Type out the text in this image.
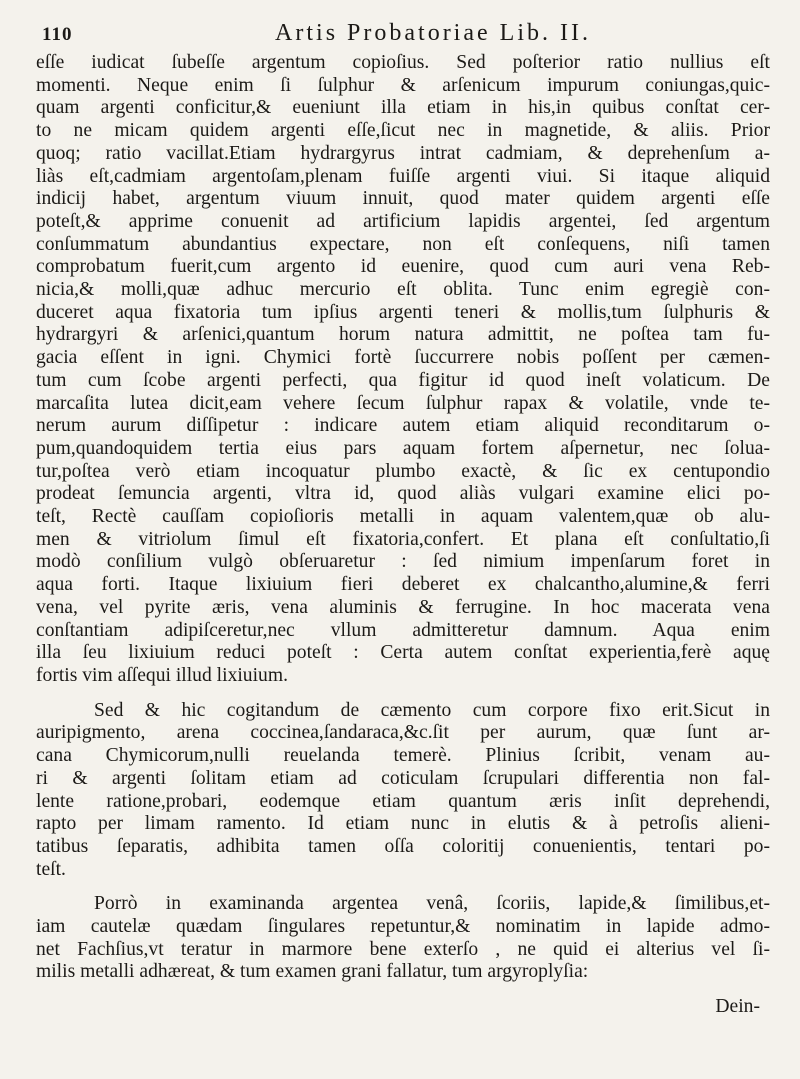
110	Artis Probatoriae Lib. II.
eſſe iudicat ſubeſſe argentum copioſius. Sed poſterior ratio nullius eſt
momenti. Neque enim ſi ſulphur & arſenicum impurum coniungas,quic-
quam argenti conficitur,& eueniunt illa etiam in his,in quibus conſtat cer-
to ne micam quidem argenti eſſe,ſicut nec in magnetide, & aliis. Prior
quoq; ratio vacillat.Etiam hydrargyrus intrat cadmiam, & deprehenſum a-
liàs eſt,cadmiam argentoſam,plenam fuiſſe argenti viui. Si itaque aliquid
indicij habet, argentum viuum innuit, quod mater quidem argenti eſſe
poteſt,& apprime conuenit ad artificium lapidis argentei, ſed argentum
conſummatum abundantius expectare, non eſt conſequens, niſi tamen
comprobatum fuerit,cum argento id euenire, quod cum auri vena Reb-
nicia,& molli,quæ adhuc mercurio eſt oblita. Tunc enim egregiè con-
duceret aqua fixatoria tum ipſius argenti teneri & mollis,tum ſulphuris &
hydrargyri & arſenici,quantum horum natura admittit, ne poſtea tam fu-
gacia eſſent in igni. Chymici fortè ſuccurrere nobis poſſent per cæmen-
tum cum ſcobe argenti perfecti, qua figitur id quod ineſt volaticum. De
marcaſita lutea dicit,eam vehere ſecum ſulphur rapax & volatile, vnde te-
nerum aurum diſſipetur : indicare autem etiam aliquid reconditarum o-
pum,quandoquidem tertia eius pars aquam fortem aſpernetur, nec ſolua-
tur,poſtea verò etiam incoquatur plumbo exactè, & ſic ex centupondio
prodeat ſemuncia argenti, vltra id, quod aliàs vulgari examine elici po-
teſt, Rectè cauſſam copioſioris metalli in aquam valentem,quæ ob alu-
men & vitriolum ſimul eſt fixatoria,confert. Et plana eſt conſultatio,ſi
modò conſilium vulgò obſeruaretur : ſed nimium impenſarum foret in
aqua forti. Itaque lixiuium fieri deberet ex chalcantho,alumine,& ferri
vena, vel pyrite æris, vena aluminis & ferrugine. In hoc macerata vena
conſtantiam adipiſceretur,nec vllum admitteretur damnum. Aqua enim
illa ſeu lixiuium reduci poteſt : Certa autem conſtat experientia,ferè aquę
fortis vim aſſequi illud lixiuium.
Sed & hic cogitandum de cæmento cum corpore fixo erit.Sicut in
auripigmento, arena coccinea,ſandaraca,&c.ſit per aurum, quæ ſunt ar-
cana Chymicorum,nulli reuelanda temerè. Plinius ſcribit, venam au-
ri & argenti ſolitam etiam ad coticulam ſcrupulari differentia non fal-
lente ratione,probari, eodemque etiam quantum æris inſit deprehendi,
rapto per limam ramento. Id etiam nunc in elutis & à petroſis alieni-
tatibus ſeparatis, adhibita tamen oſſa coloritij conuenientis, tentari po-
teſt.
Porrò in examinanda argentea venâ, ſcoriis, lapide,& ſimilibus,et-
iam cautelæ quædam ſingulares repetuntur,& nominatim in lapide admo-
net Fachſius,vt teratur in marmore bene exterſo , ne quid ei alterius vel ſi-
milis metalli adhæreat, & tum examen grani fallatur, tum argyroplyſia:
Dein-
